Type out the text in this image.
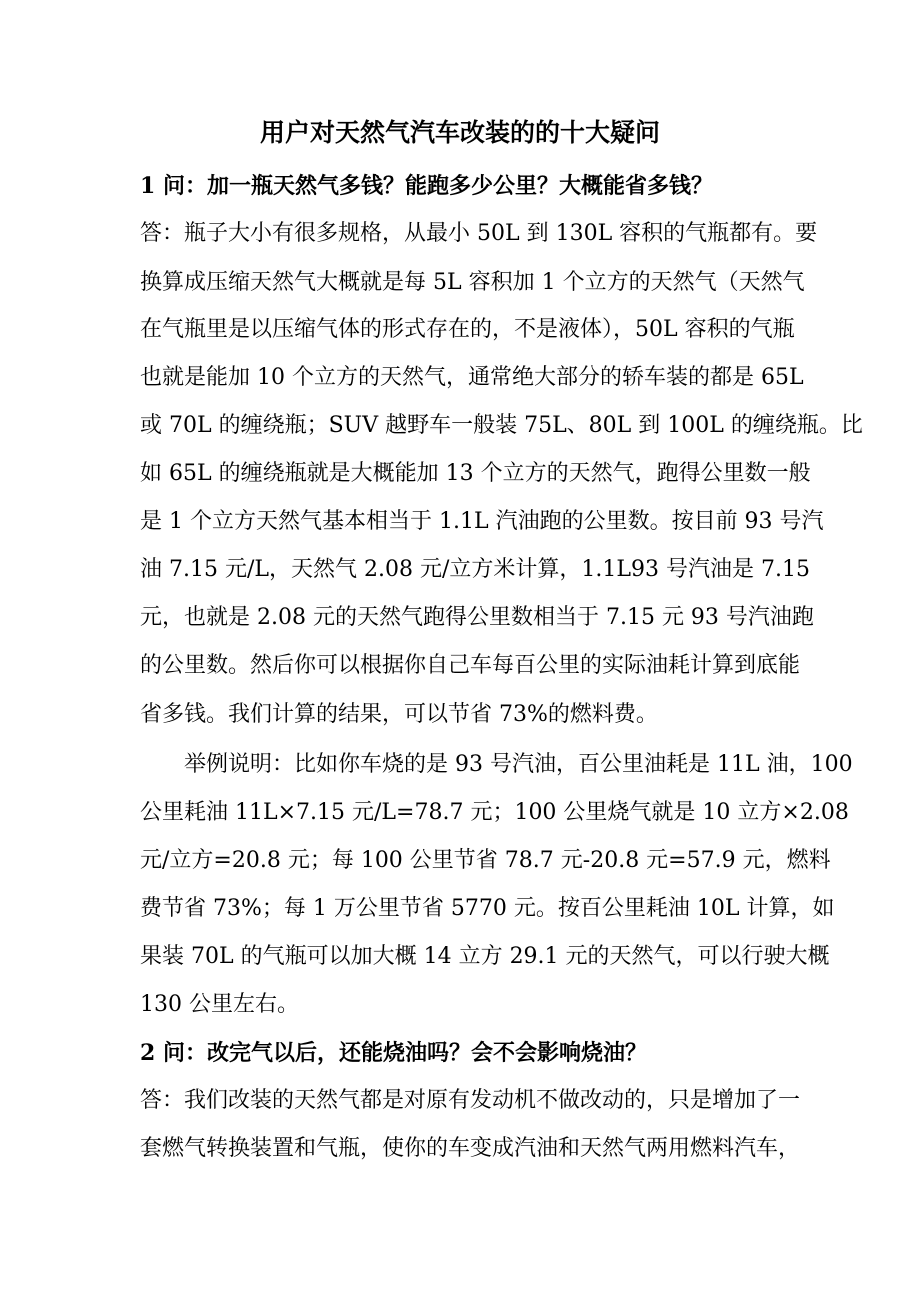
用户对天然气汽车改装的的十大疑问
1 问：加一瓶天然气多钱？能跑多少公里？大概能省多钱？
答：瓶子大小有很多规格，从最小 50L 到 130L 容积的气瓶都有。要
换算成压缩天然气大概就是每 5L 容积加 1 个立方的天然气（天然气
在气瓶里是以压缩气体的形式存在的，不是液体），50L 容积的气瓶
也就是能加 10 个立方的天然气，通常绝大部分的轿车装的都是 65L
或 70L 的缠绕瓶；SUV 越野车一般装 75L、80L 到 100L 的缠绕瓶。比
如 65L 的缠绕瓶就是大概能加 13 个立方的天然气，跑得公里数一般
是 1 个立方天然气基本相当于 1.1L 汽油跑的公里数。按目前 93 号汽
油 7.15 元/L，天然气 2.08 元/立方米计算，1.1L93 号汽油是 7.15
元，也就是 2.08 元的天然气跑得公里数相当于 7.15 元 93 号汽油跑
的公里数。然后你可以根据你自己车每百公里的实际油耗计算到底能
省多钱。我们计算的结果，可以节省 73%的燃料费。
举例说明：比如你车烧的是 93 号汽油，百公里油耗是 11L 油，100
公里耗油 11L×7.15 元/L=78.7 元；100 公里烧气就是 10 立方×2.08
元/立方=20.8 元；每 100 公里节省 78.7 元-20.8 元=57.9 元，燃料
费节省 73%；每 1 万公里节省 5770 元。按百公里耗油 10L 计算，如
果装 70L 的气瓶可以加大概 14 立方 29.1 元的天然气，可以行驶大概
130 公里左右。
2 问：改完气以后，还能烧油吗？会不会影响烧油？
答：我们改装的天然气都是对原有发动机不做改动的，只是增加了一
套燃气转换装置和气瓶，使你的车变成汽油和天然气两用燃料汽车，
